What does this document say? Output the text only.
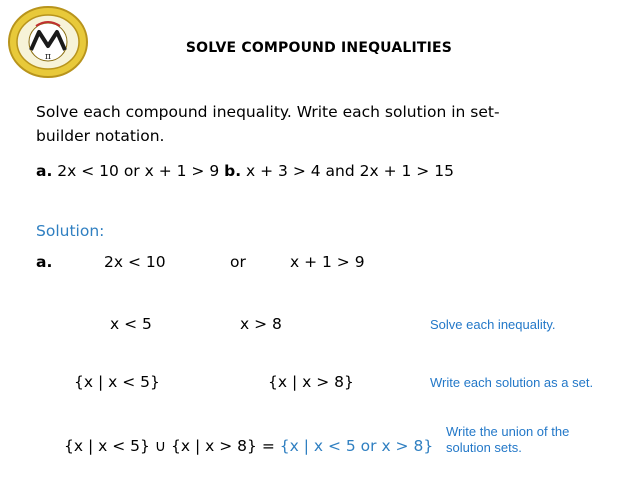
π
SOLVE COMPOUND INEQUALITIES
Solve each compound inequality. Write each solution in set-
builder notation.
a. 2x < 10 or x + 1 > 9 b. x + 3 > 4 and 2x + 1 > 15
Solution:
a.	2x < 10	or	x + 1 > 9
x < 5	x > 8	Solve each inequality.
{x | x < 5}	{x | x > 8}	Write each solution as a set.
{x | x < 5} ∪ {x | x > 8} = {x | x < 5 or x > 8}
Write the union of the
solution sets.
